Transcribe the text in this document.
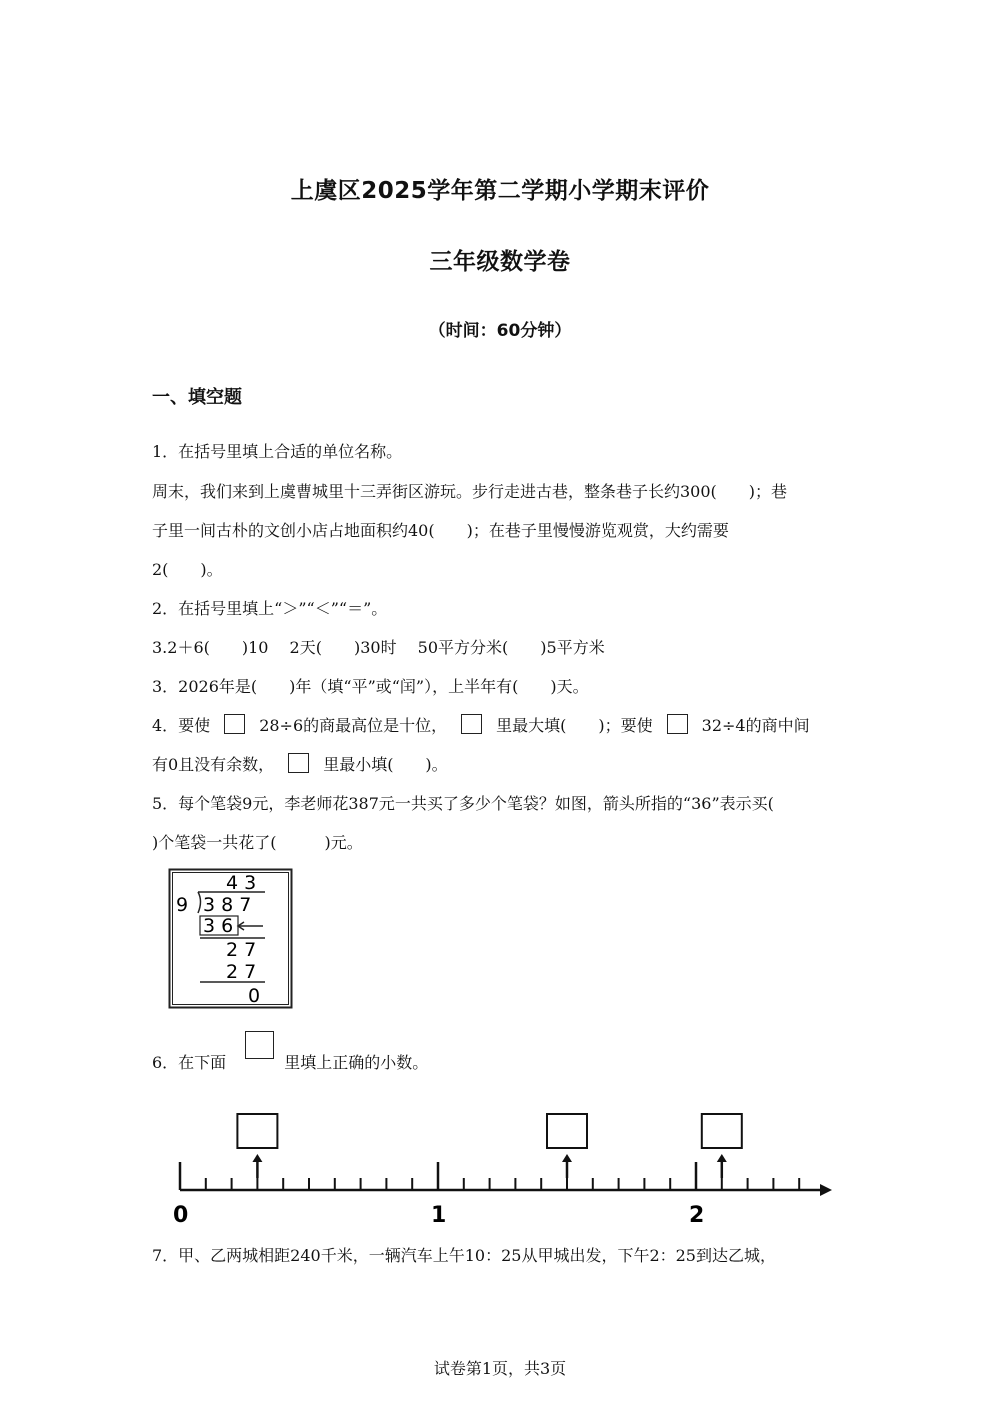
上虞区2025学年第二学期小学期末评价
三年级数学卷
（时间：60分钟）
一、填空题
1．在括号里填上合适的单位名称。
周末，我们来到上虞曹城里十三弄街区游玩。步行走进古巷，整条巷子长约300(　　)；巷
子里一间古朴的文创小店占地面积约40(　　)；在巷子里慢慢游览观赏，大约需要
2(　　)。
2．在括号里填上“＞”“＜”“＝”。
3.2＋6(　　)10　 2天(　　)30时　 50平方分米(　　)5平方米
3．2026年是(　　)年（填“平”或“闰”），上半年有(　　)天。
4．要使	28÷6的商最高位是十位，	里最大填(　　)；要使	32÷4的商中间
有0且没有余数，	里最小填(　　)。
5．每个笔袋9元，李老师花387元一共买了多少个笔袋？如图，箭头所指的“36”表示买(
)个笔袋一共花了(　　　)元。
4 3
9 3 8 7
3 6
2 7
2 7
0
6．在下面	里填上正确的小数。
0	1	2
7．甲、乙两城相距240千米，一辆汽车上午10：25从甲城出发，下午2：25到达乙城，
试卷第1页，共3页
